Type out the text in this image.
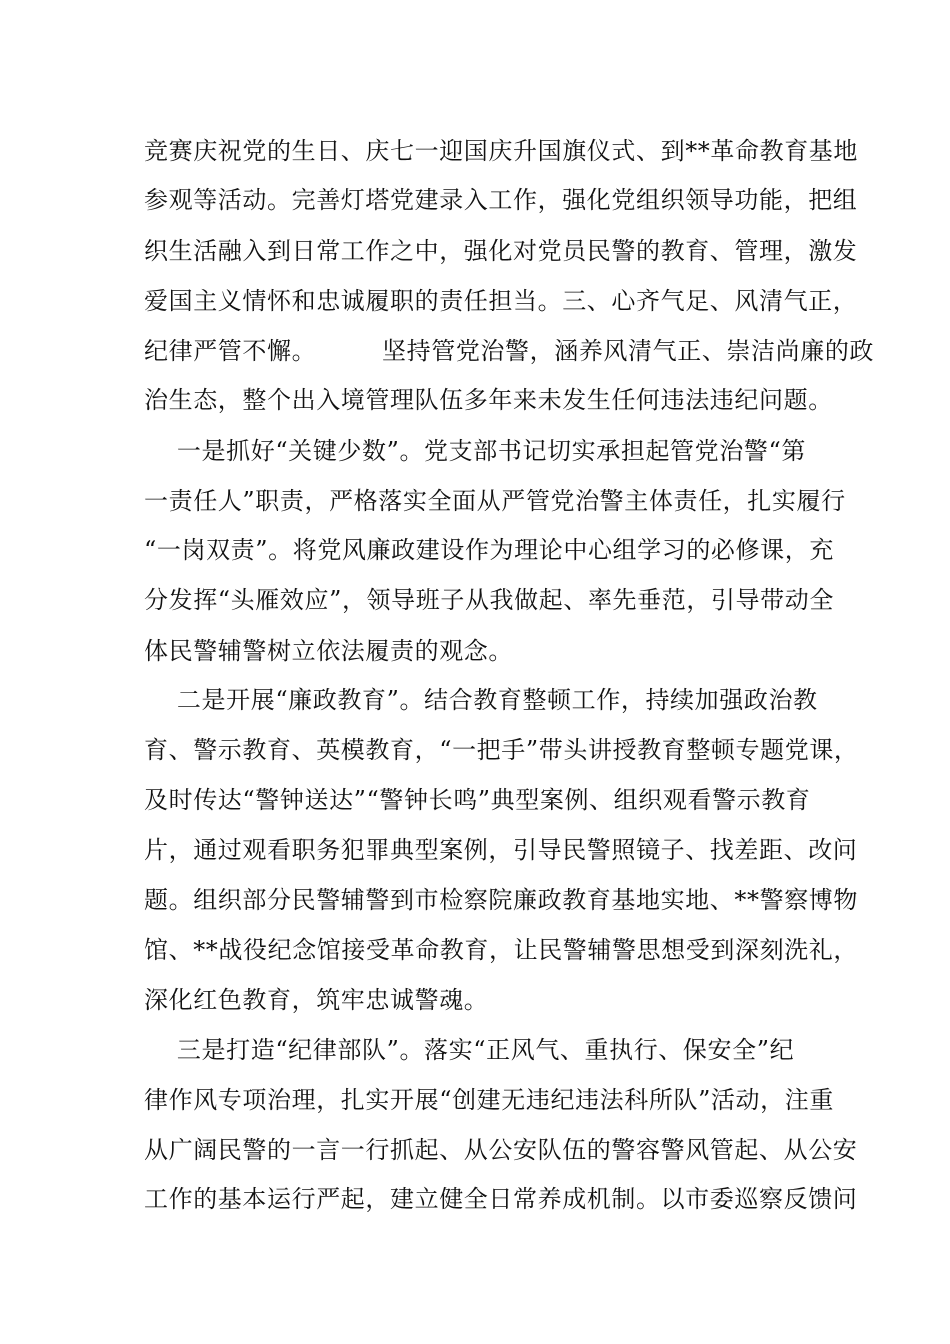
竞赛庆祝党的生日、庆七一迎国庆升国旗仪式、到**革命教育基地
参观等活动。完善灯塔党建录入工作，强化党组织领导功能，把组
织生活融入到日常工作之中，强化对党员民警的教育、管理，激发
爱国主义情怀和忠诚履职的责任担当。三、心齐气足、风清气正，
纪律严管不懈。        坚持管党治警，涵养风清气正、崇洁尚廉的政
治生态，整个出入境管理队伍多年来未发生任何违法违纪问题。
一是抓好“关键少数”。党支部书记切实承担起管党治警“第
一责任人”职责，严格落实全面从严管党治警主体责任，扎实履行
“一岗双责”。将党风廉政建设作为理论中心组学习的必修课，充
分发挥“头雁效应”，领导班子从我做起、率先垂范，引导带动全
体民警辅警树立依法履责的观念。
二是开展“廉政教育”。结合教育整顿工作，持续加强政治教
育、警示教育、英模教育，“一把手”带头讲授教育整顿专题党课，
及时传达“警钟送达”“警钟长鸣”典型案例、组织观看警示教育
片，通过观看职务犯罪典型案例，引导民警照镜子、找差距、改问
题。组织部分民警辅警到市检察院廉政教育基地实地、**警察博物
馆、**战役纪念馆接受革命教育，让民警辅警思想受到深刻洗礼，
深化红色教育，筑牢忠诚警魂。
三是打造“纪律部队”。落实“正风气、重执行、保安全”纪
律作风专项治理，扎实开展“创建无违纪违法科所队”活动，注重
从广阔民警的一言一行抓起、从公安队伍的警容警风管起、从公安
工作的基本运行严起，建立健全日常养成机制。以市委巡察反馈问
